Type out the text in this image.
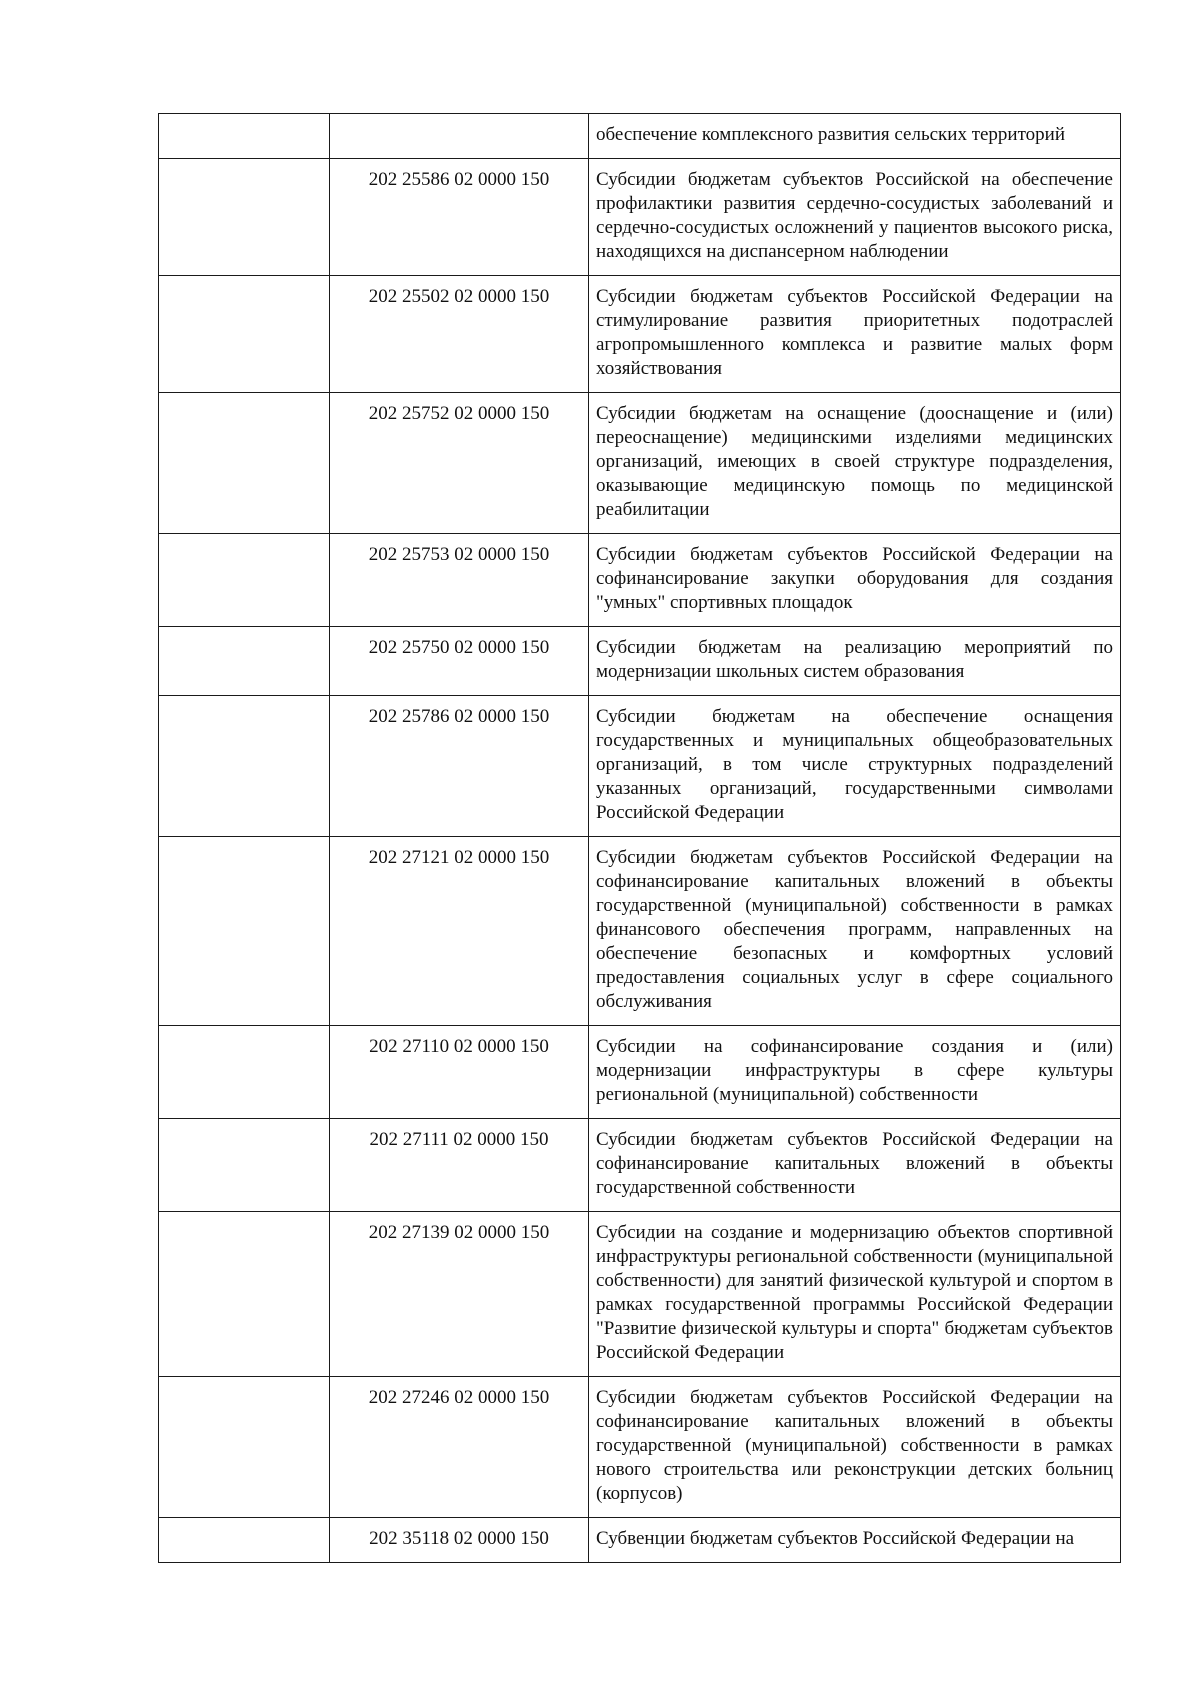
		обеспечение комплексного развития сельских территорий
	202 25586 02 0000 150	Субсидии бюджетам субъектов Российской на обеспечение профилактики развития сердечно-сосудистых заболеваний и сердечно-сосудистых осложнений у пациентов высокого риска, находящихся на диспансерном наблюдении
	202 25502 02 0000 150	Субсидии бюджетам субъектов Российской Федерации на стимулирование развития приоритетных подотраслей агропромышленного комплекса и развитие малых форм хозяйствования
	202 25752 02 0000 150	Субсидии бюджетам на оснащение (дооснащение и (или) переоснащение) медицинскими изделиями медицинских организаций, имеющих в своей структуре подразделения, оказывающие медицинскую помощь по медицинской реабилитации
	202 25753 02 0000 150	Субсидии бюджетам субъектов Российской Федерации на софинансирование закупки оборудования для создания "умных" спортивных площадок
	202 25750 02 0000 150	Субсидии бюджетам на реализацию мероприятий по модернизации школьных систем образования
	202 25786 02 0000 150	Субсидии бюджетам на обеспечение оснащения государственных и муниципальных общеобразовательных организаций, в том числе структурных подразделений указанных организаций, государственными символами Российской Федерации
	202 27121 02 0000 150	Субсидии бюджетам субъектов Российской Федерации на софинансирование капитальных вложений в объекты государственной (муниципальной) собственности в рамках финансового обеспечения программ, направленных на обеспечение безопасных и комфортных условий предоставления социальных услуг в сфере социального обслуживания
	202 27110 02 0000 150	Субсидии на софинансирование создания и (или) модернизации инфраструктуры в сфере культуры региональной (муниципальной) собственности
	202 27111 02 0000 150	Субсидии бюджетам субъектов Российской Федерации на софинансирование капитальных вложений в объекты государственной собственности
	202 27139 02 0000 150	Субсидии на создание и модернизацию объектов спортивной инфраструктуры региональной собственности (муниципальной собственности) для занятий физической культурой и спортом в рамках государственной программы Российской Федерации "Развитие физической культуры и спорта" бюджетам субъектов Российской Федерации
	202 27246 02 0000 150	Субсидии бюджетам субъектов Российской Федерации на софинансирование капитальных вложений в объекты государственной (муниципальной) собственности в рамках нового строительства или реконструкции детских больниц (корпусов)
	202 35118 02 0000 150	Субвенции бюджетам субъектов Российской Федерации на
